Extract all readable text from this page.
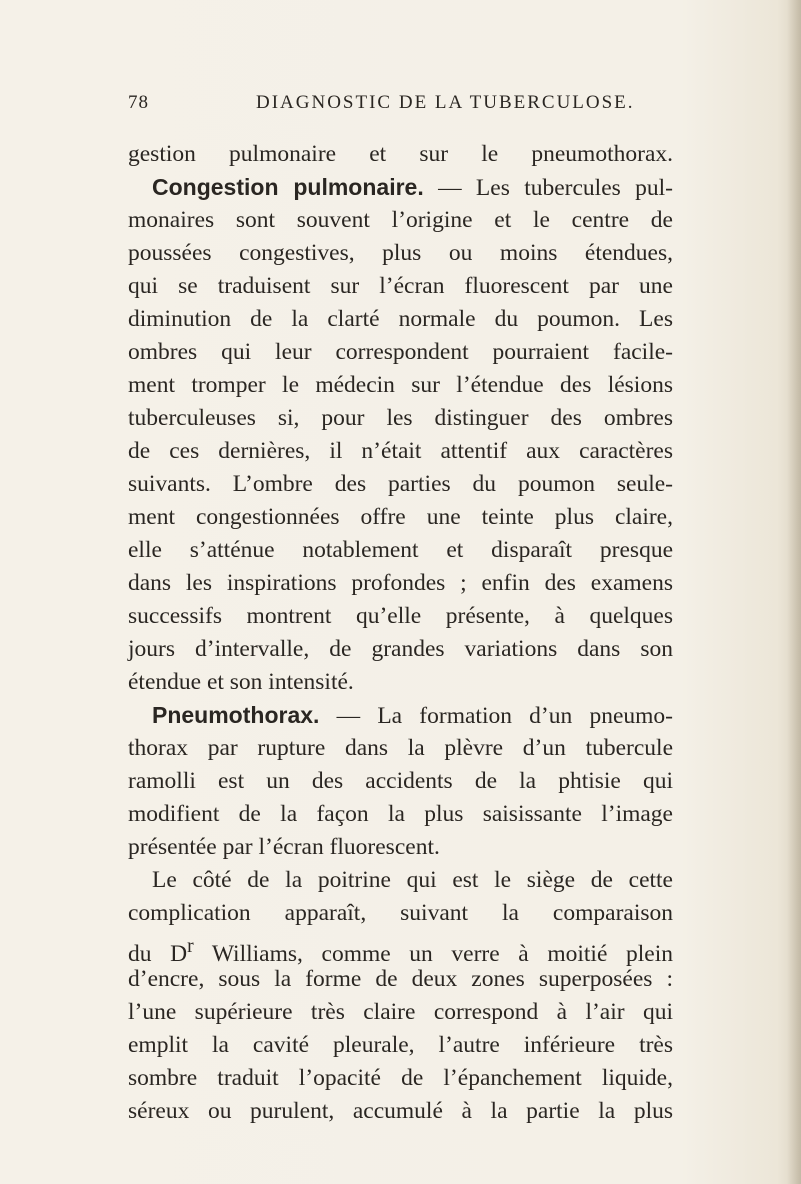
78	DIAGNOSTIC DE LA TUBERCULOSE.
gestion pulmonaire et sur le pneumothorax.
Congestion pulmonaire. — Les tubercules pul-
monaires sont souvent l’origine et le centre de
poussées congestives, plus ou moins étendues,
qui se traduisent sur l’écran fluorescent par une
diminution de la clarté normale du poumon. Les
ombres qui leur correspondent pourraient facile-
ment tromper le médecin sur l’étendue des lésions
tuberculeuses si, pour les distinguer des ombres
de ces dernières, il n’était attentif aux caractères
suivants. L’ombre des parties du poumon seule-
ment congestionnées offre une teinte plus claire,
elle s’atténue notablement et disparaît presque
dans les inspirations profondes ; enfin des examens
successifs montrent qu’elle présente, à quelques
jours d’intervalle, de grandes variations dans son
étendue et son intensité.
Pneumothorax. — La formation d’un pneumo-
thorax par rupture dans la plèvre d’un tubercule
ramolli est un des accidents de la phtisie qui
modifient de la façon la plus saisissante l’image
présentée par l’écran fluorescent.
Le côté de la poitrine qui est le siège de cette
complication apparaît, suivant la comparaison
du $D^r$ Williams, comme un verre à moitié plein
d’encre, sous la forme de deux zones superposées :
l’une supérieure très claire correspond à l’air qui
emplit la cavité pleurale, l’autre inférieure très
sombre traduit l’opacité de l’épanchement liquide,
séreux ou purulent, accumulé à la partie la plus
